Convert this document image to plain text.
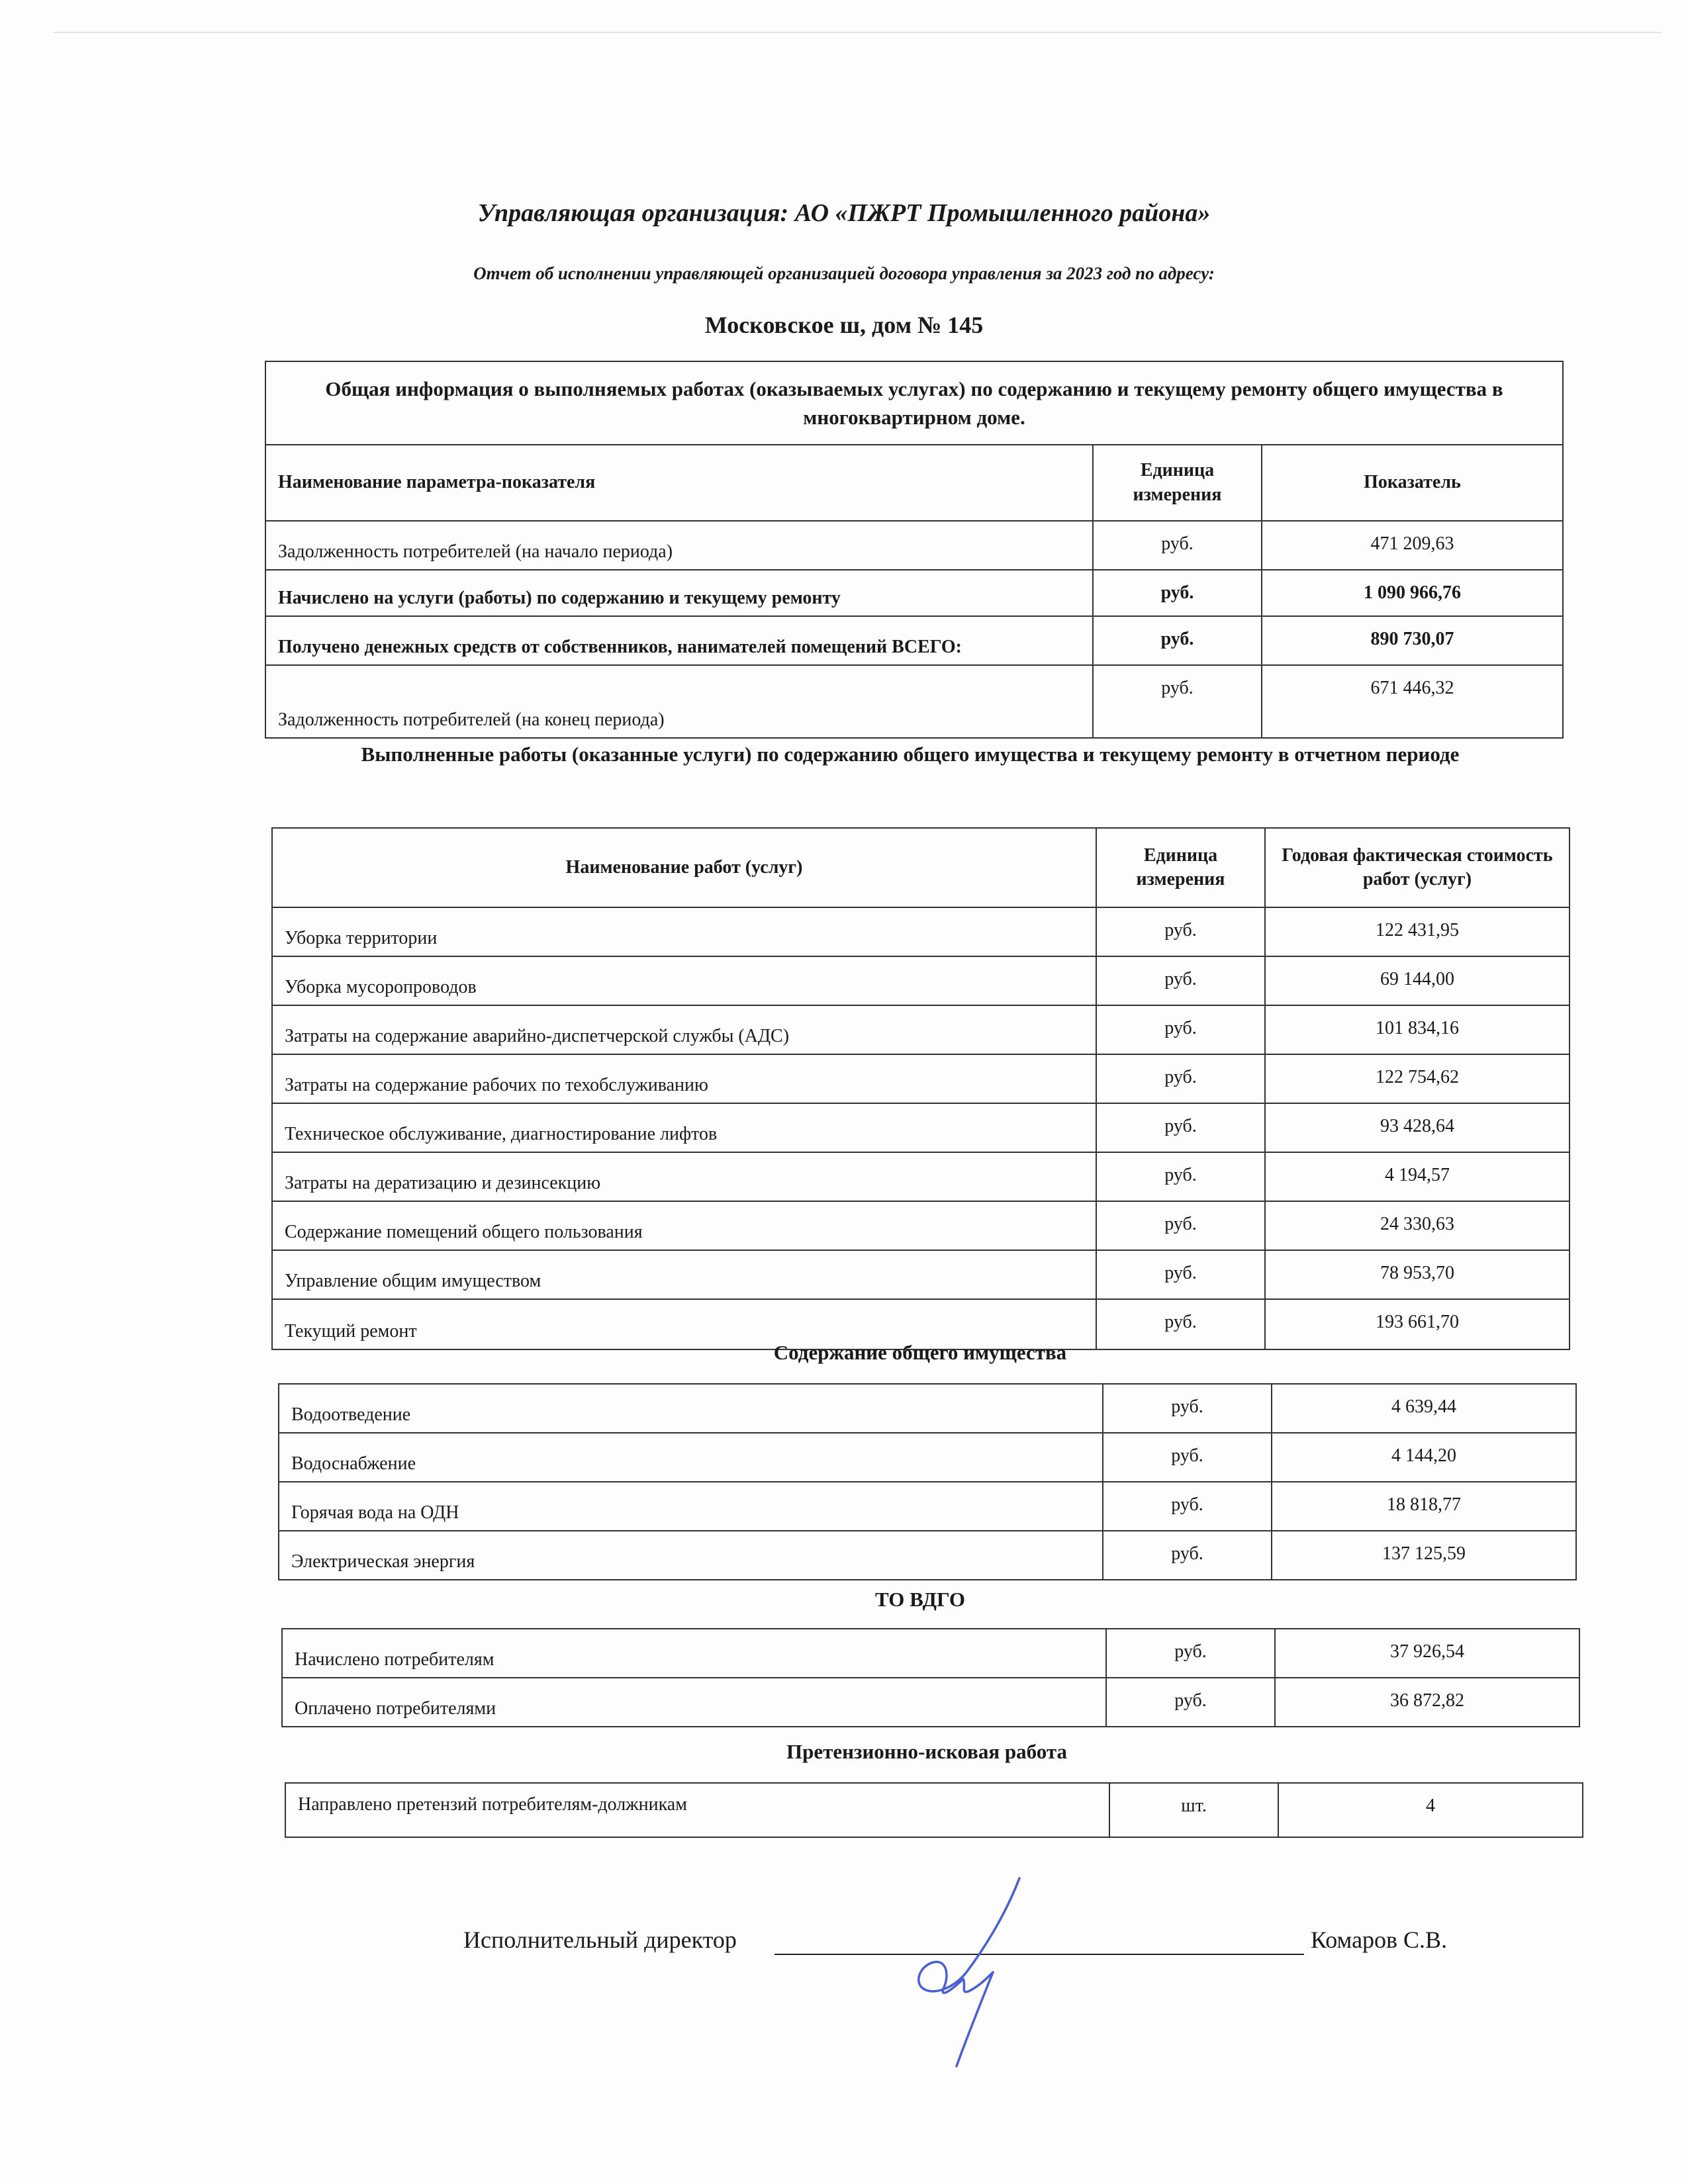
Управляющая организация: АО «ПЖРТ Промышленного района»
Отчет об исполнении управляющей организацией договора управления за 2023 год по адресу:
Московское ш, дом № 145
Общая информация о выполняемых работах (оказываемых услугах) по содержанию и текущему ремонту общего имущества в многоквартирном доме.		
Наименование параметра-показателя	Единица измерения	Показатель
Задолженность потребителей (на начало периода)	руб.	471 209,63
Начислено на услуги (работы) по содержанию и текущему ремонту	руб.	1 090 966,76
Получено денежных средств от собственников, нанимателей помещений ВСЕГО:	руб.	890 730,07
Задолженность потребителей (на конец периода)	руб.	671 446,32
Выполненные работы (оказанные услуги) по содержанию общего имущества и текущему ремонту в отчетном периоде
Наименование работ (услуг)	Единица измерения	Годовая фактическая стоимость работ (услуг)
Уборка территории	руб.	122 431,95
Уборка мусоропроводов	руб.	69 144,00
Затраты на содержание аварийно-диспетчерской службы (АДС)	руб.	101 834,16
Затраты на содержание рабочих по техобслуживанию	руб.	122 754,62
Техническое обслуживание, диагностирование лифтов	руб.	93 428,64
Затраты на дератизацию и дезинсекцию	руб.	4 194,57
Содержание помещений общего пользования	руб.	24 330,63
Управление общим имуществом	руб.	78 953,70
Текущий ремонт	руб.	193 661,70
Содержание общего имущества
Водоотведение	руб.	4 639,44
Водоснабжение	руб.	4 144,20
Горячая вода на ОДН	руб.	18 818,77
Электрическая энергия	руб.	137 125,59
ТО ВДГО
Начислено потребителям	руб.	37 926,54
Оплачено потребителями	руб.	36 872,82
Претензионно-исковая работа
Направлено претензий потребителям-должникам	шт.	4
Исполнительный директор	Комаров С.В.
